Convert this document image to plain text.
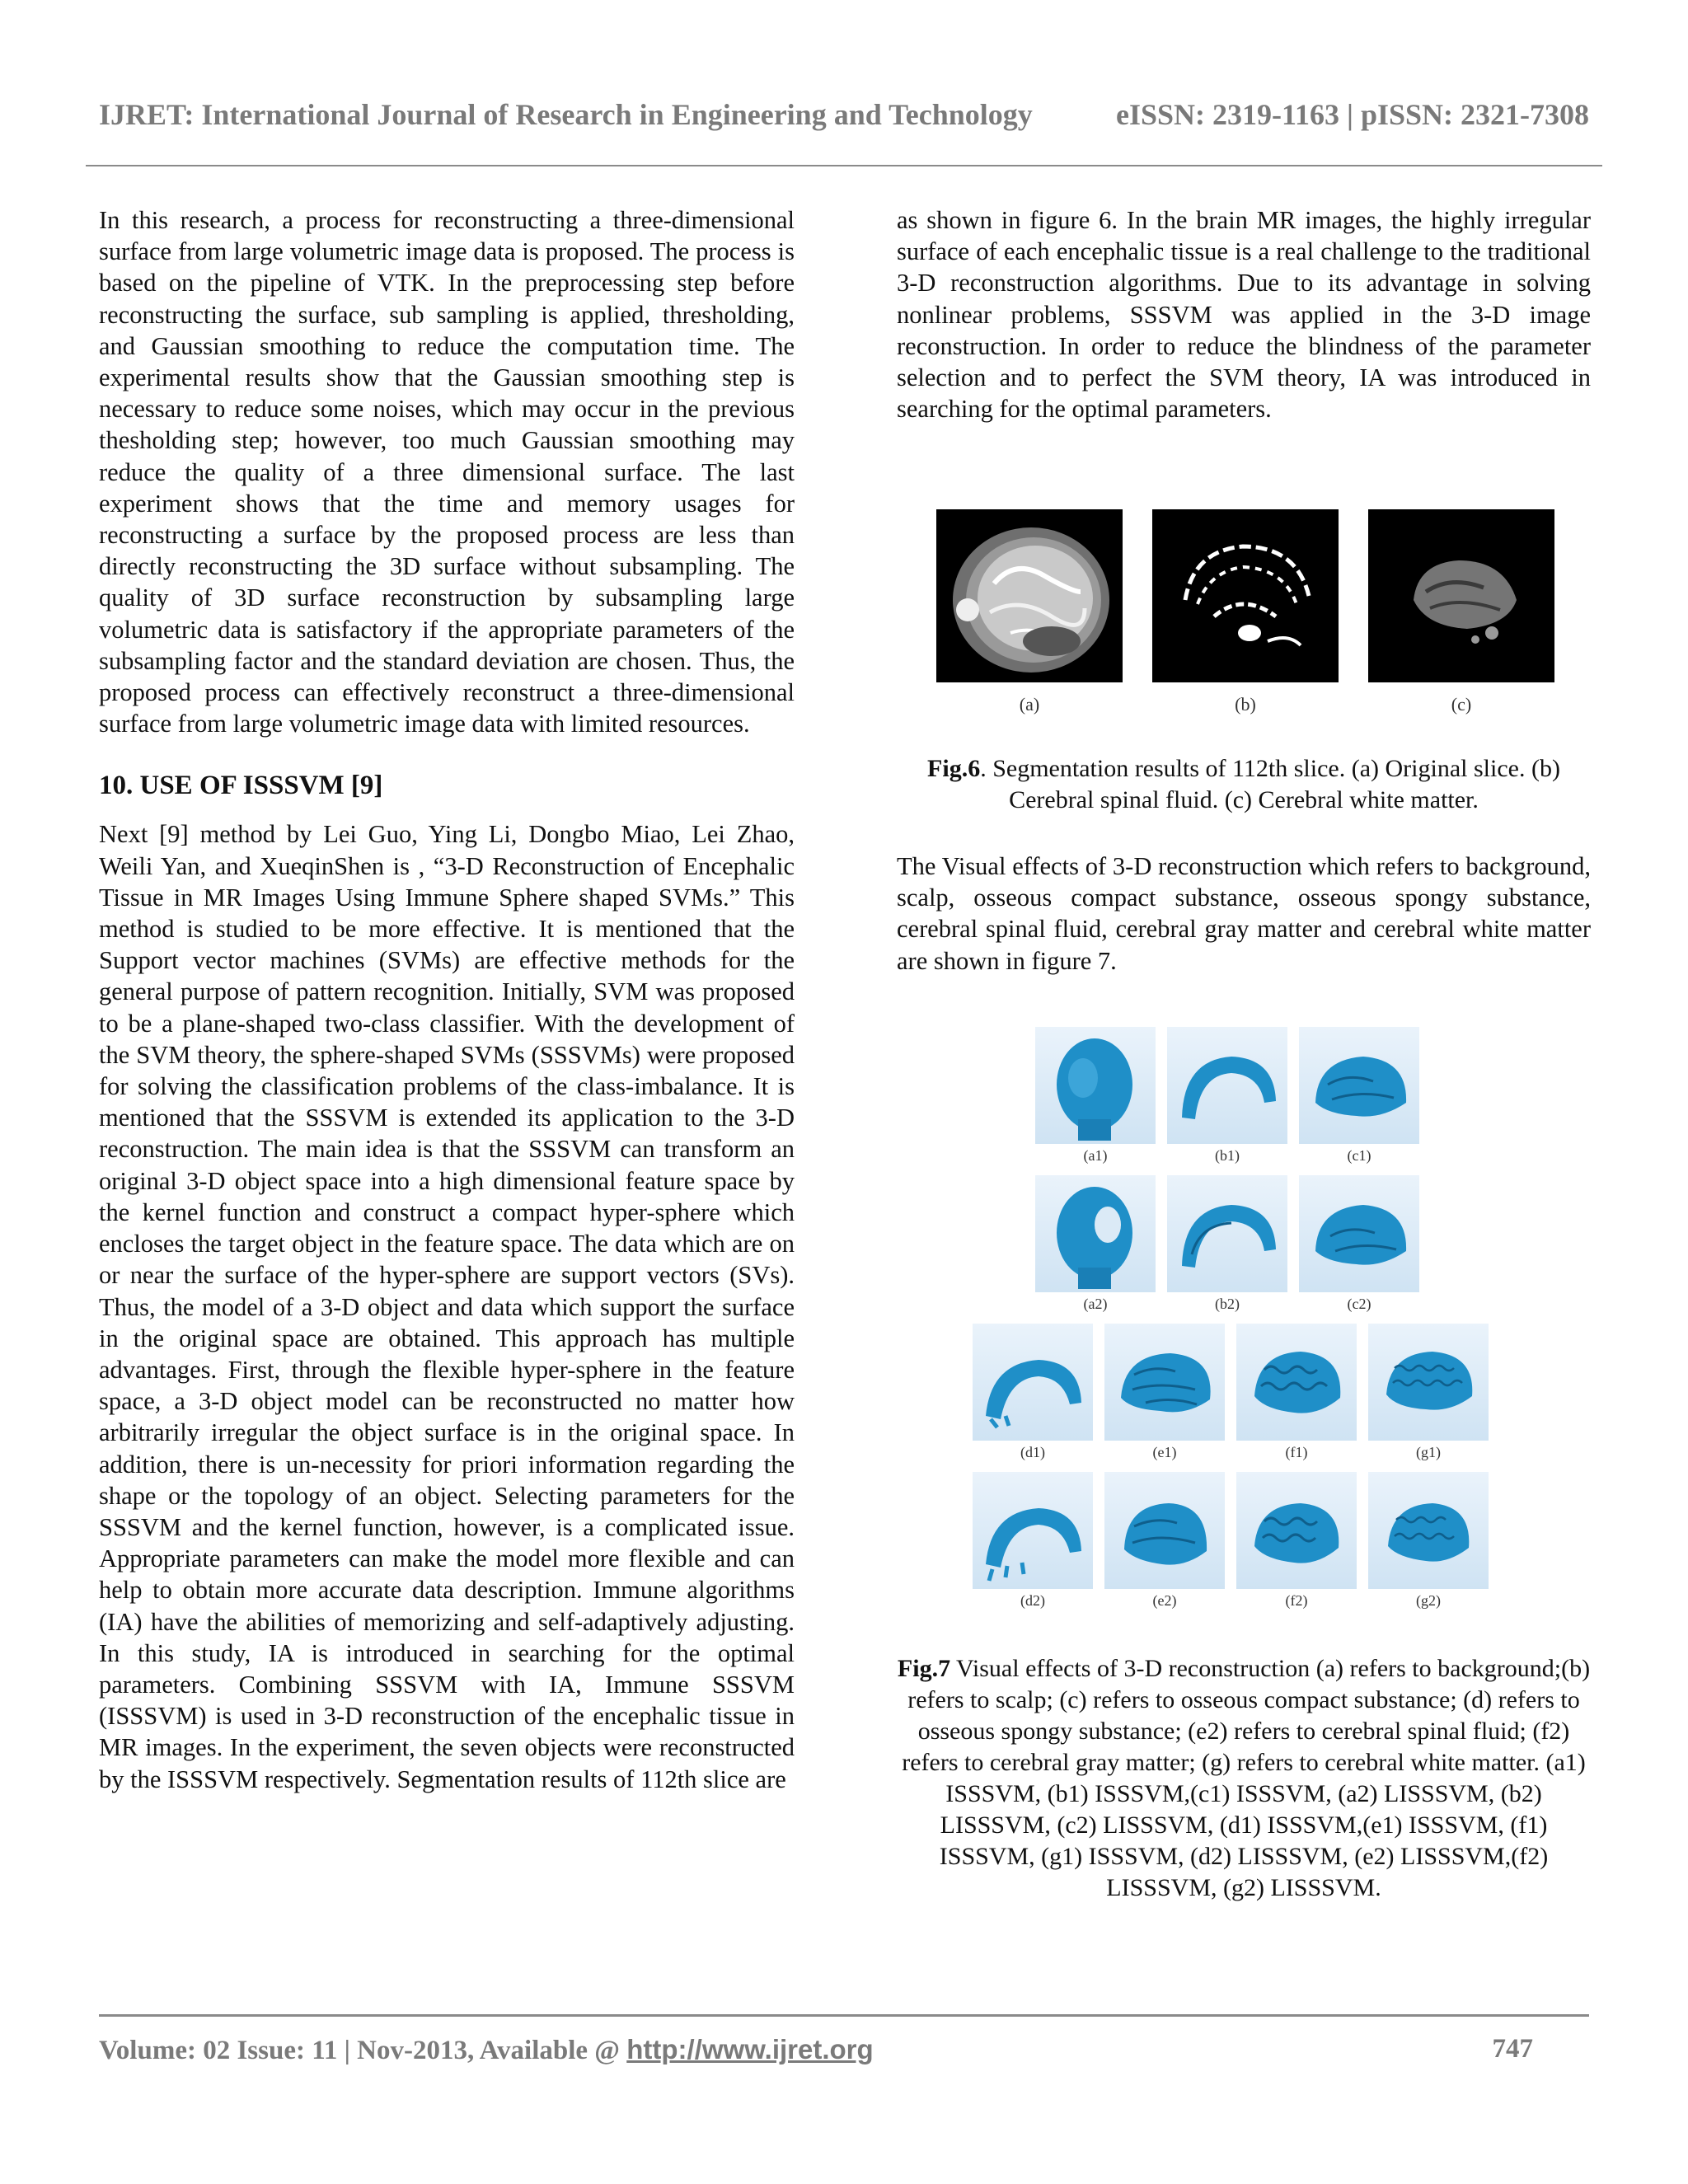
IJRET: International Journal of Research in Engineering and Technology	eISSN: 2319-1163 | pISSN: 2321-7308

In this research, a process for reconstructing a three-dimensional surface from large volumetric image data is proposed. The process is based on the pipeline of VTK. In the preprocessing step before reconstructing the surface, sub sampling is applied, thresholding, and Gaussian smoothing to reduce the computation time. The experimental results show that the Gaussian smoothing step is necessary to reduce some noises, which may occur in the previous thesholding step; however, too much Gaussian smoothing may reduce the quality of a three dimensional surface. The last experiment shows that the time and memory usages for reconstructing a surface by the proposed process are less than directly reconstructing the 3D surface without subsampling. The quality of 3D surface reconstruction by subsampling large volumetric data is satisfactory if the appropriate parameters of the subsampling factor and the standard deviation are chosen. Thus, the proposed process can effectively reconstruct a three-dimensional surface from large volumetric image data with limited resources.

10. USE OF ISSSVM [9]

Next [9] method by Lei Guo, Ying Li, Dongbo Miao, Lei Zhao, Weili Yan, and XueqinShen is , “3-D Reconstruction of Encephalic Tissue in MR Images Using Immune Sphere shaped SVMs.” This method is studied to be more effective. It is mentioned that the Support vector machines (SVMs) are effective methods for the general purpose of pattern recognition. Initially, SVM was proposed to be a plane-shaped two-class classifier. With the development of the SVM theory, the sphere-shaped SVMs (SSSVMs) were proposed for solving the classification problems of the class-imbalance. It is mentioned that the SSSVM is extended its application to the 3-D reconstruction. The main idea is that the SSSVM can transform an original 3-D object space into a high dimensional feature space by the kernel function and construct a compact hyper-sphere which encloses the target object in the feature space. The data which are on or near the surface of the hyper-sphere are support vectors (SVs). Thus, the model of a 3-D object and data which support the surface in the original space are obtained. This approach has multiple advantages. First, through the flexible hyper-sphere in the feature space, a 3-D object model can be reconstructed no matter how arbitrarily irregular the object surface is in the original space. In addition, there is un-necessity for priori information regarding the shape or the topology of an object. Selecting parameters for the SSSVM and the kernel function, however, is a complicated issue. Appropriate parameters can make the model more flexible and can help to obtain more accurate data description. Immune algorithms (IA) have the abilities of memorizing and self-adaptively adjusting. In this study, IA is introduced in searching for the optimal parameters. Combining SSSVM with IA, Immune SSSVM (ISSSVM) is used in 3-D reconstruction of the encephalic tissue in MR images. In the experiment, the seven objects were reconstructed by the ISSSVM respectively. Segmentation results of 112th slice are

as shown in figure 6. In the brain MR images, the highly irregular surface of each encephalic tissue is a real challenge to the traditional 3-D reconstruction algorithms. Due to its advantage in solving nonlinear problems, SSSVM was applied in the 3-D image reconstruction. In order to reduce the blindness of the parameter selection and to perfect the SVM theory, IA was introduced in searching for the optimal parameters.

(a)	(b)	(c)
Fig.6. Segmentation results of 112th slice. (a) Original slice. (b) Cerebral spinal fluid. (c) Cerebral white matter.
The Visual effects of 3-D reconstruction which refers to background, scalp, osseous compact substance, osseous spongy substance, cerebral spinal fluid, cerebral gray matter and cerebral white matter are shown in figure 7.
(a1)	(b1)	(c1)
(a2)	(b2)	(c2)
(d1)	(e1)	(f1)	(g1)
(d2)	(e2)	(f2)	(g2)
Fig.7 Visual effects of 3-D reconstruction (a) refers to background;(b) refers to scalp; (c) refers to osseous compact substance; (d) refers to osseous spongy substance; (e2) refers to cerebral spinal fluid; (f2) refers to cerebral gray matter; (g) refers to cerebral white matter. (a1) ISSSVM, (b1) ISSSVM,(c1) ISSSVM, (a2) LISSSVM, (b2) LISSSVM, (c2) LISSSVM, (d1) ISSSVM,(e1) ISSSVM, (f1) ISSSVM, (g1) ISSSVM, (d2) LISSSVM, (e2) LISSSVM,(f2) LISSSVM, (g2) LISSSVM.
Volume: 02 Issue: 11 | Nov-2013, Available @ http://www.ijret.org	747
